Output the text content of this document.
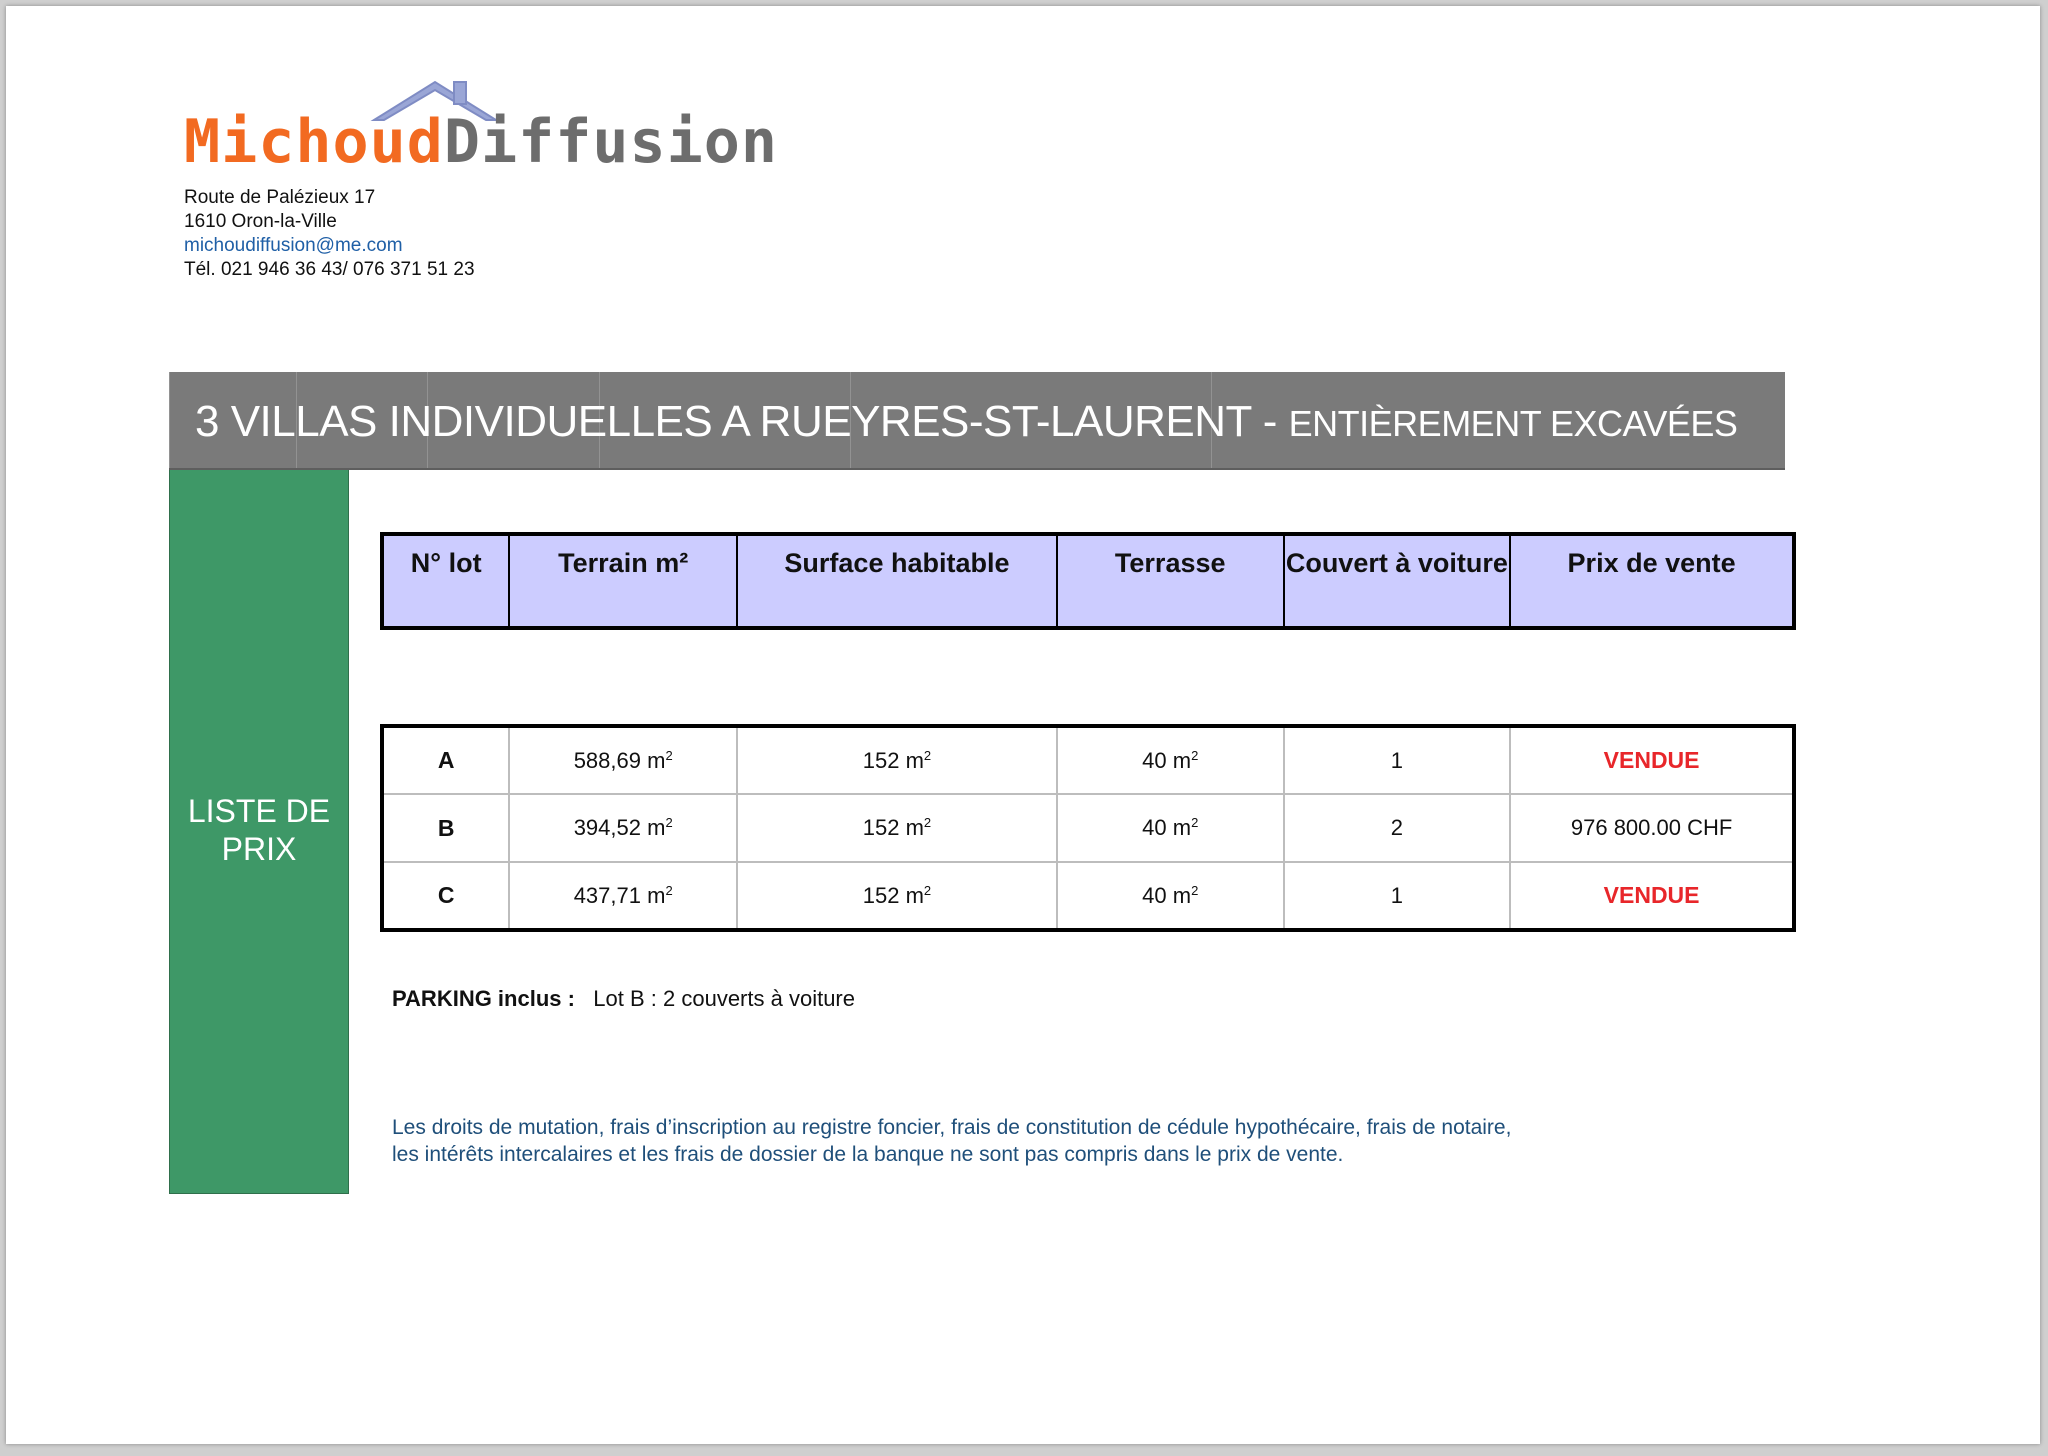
MichoudDiffusion
Route de Palézieux 17
1610 Oron-la-Ville
michoudiffusion@me.com
Tél. 021 946 36 43/ 076 371 51 23
3 VILLAS INDIVIDUELLES A RUEYRES-ST-LAURENT - ENTIÈREMENT EXCAVÉES
LISTE DE
PRIX
N° lot	Terrain m²	Surface habitable	Terrasse	Couvert à voiture	Prix de vente
A	588,69 $m^2$	152 $m^2$	40 $m^2$	1	VENDUE
B	394,52 $m^2$	152 $m^2$	40 $m^2$	2	976 800.00 CHF
C	437,71 $m^2$	152 $m^2$	40 $m^2$	1	VENDUE
PARKING inclus : Lot B : 2 couverts à voiture
Les droits de mutation, frais d’inscription au registre foncier, frais de constitution de cédule hypothécaire, frais de notaire,
les intérêts intercalaires et les frais de dossier de la banque ne sont pas compris dans le prix de vente.
